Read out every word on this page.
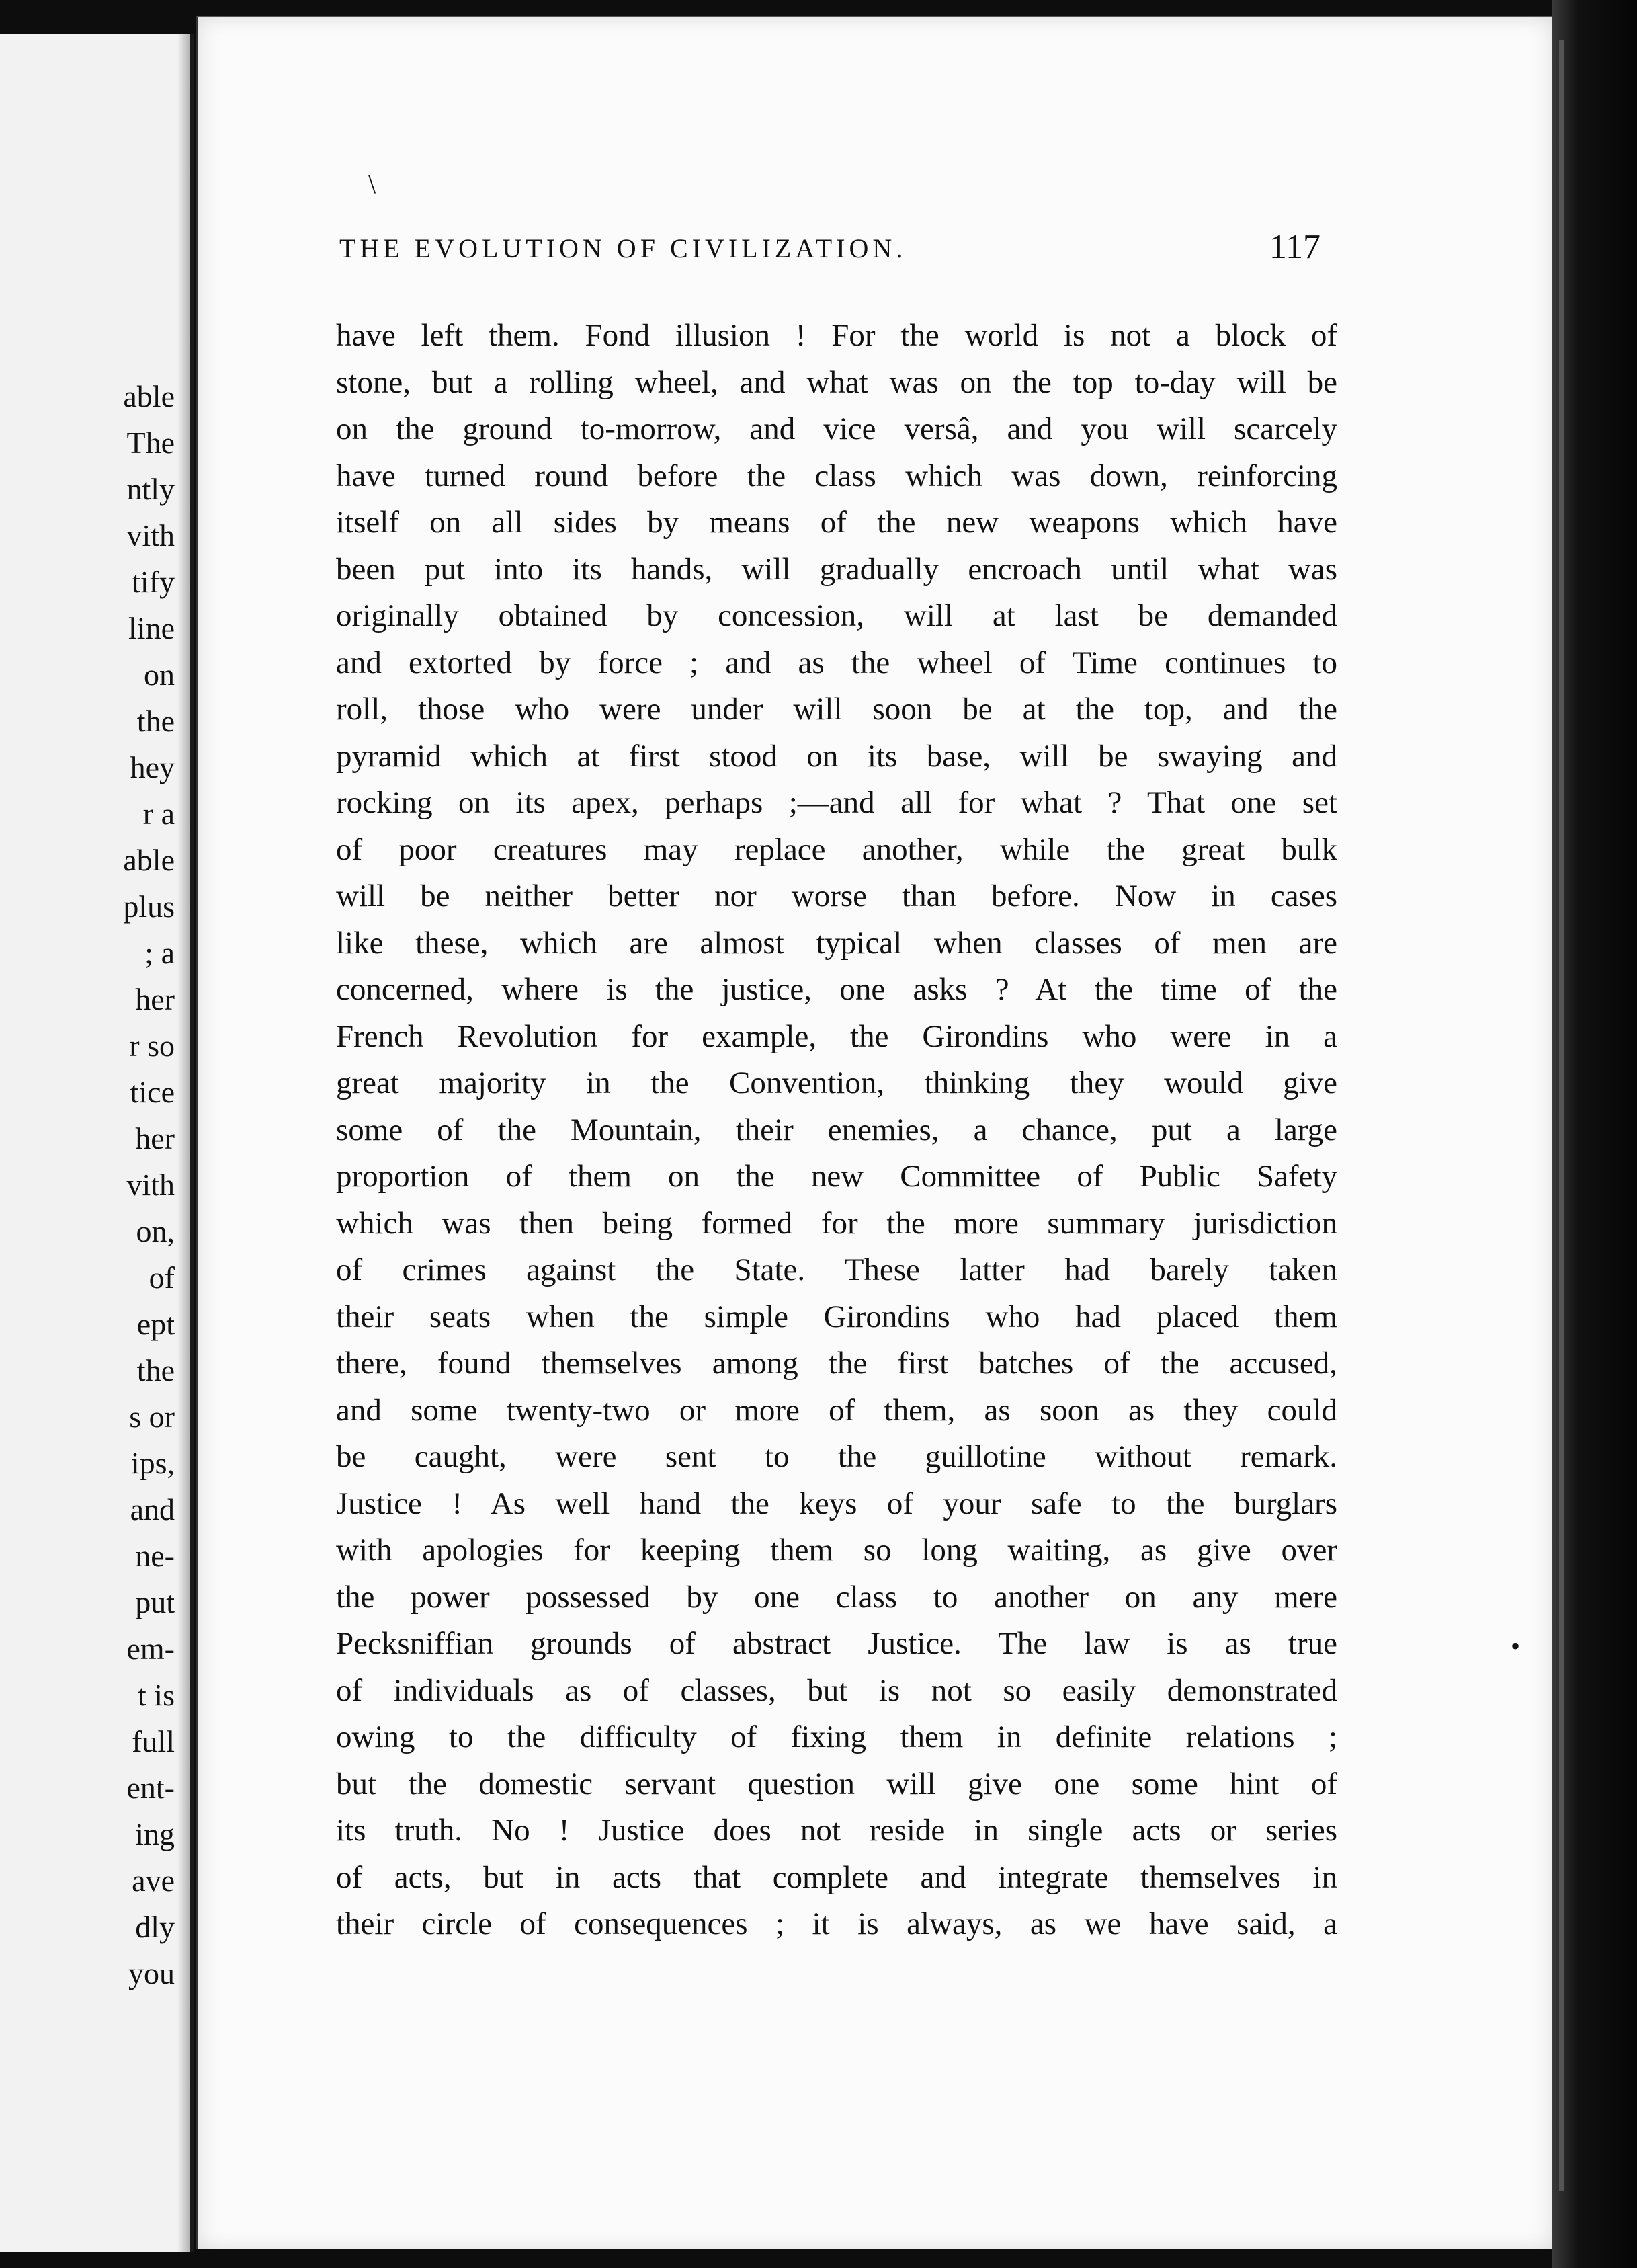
able
The
ntly
vith
tify
line
on
the
hey
r a
able
plus
; a
her
r so
tice
her
vith
on,
of
ept
the
s or
ips,
and
ne-
put
em-
t is
full
ent-
ing
ave
dly
you
\
THE EVOLUTION OF CIVILIZATION.	117
have left them. Fond illusion ! For the world is not a block of
stone, but a rolling wheel, and what was on the top to-day will be
on the ground to-morrow, and vice versâ, and you will scarcely
have turned round before the class which was down, reinforcing
itself on all sides by means of the new weapons which have
been put into its hands, will gradually encroach until what was
originally obtained by concession, will at last be demanded
and extorted by force ; and as the wheel of Time continues to
roll, those who were under will soon be at the top, and the
pyramid which at first stood on its base, will be swaying and
rocking on its apex, perhaps ;—and all for what ? That one set
of poor creatures may replace another, while the great bulk
will be neither better nor worse than before. Now in cases
like these, which are almost typical when classes of men are
concerned, where is the justice, one asks ? At the time of the
French Revolution for example, the Girondins who were in a
great majority in the Convention, thinking they would give
some of the Mountain, their enemies, a chance, put a large
proportion of them on the new Committee of Public Safety
which was then being formed for the more summary jurisdiction
of crimes against the State. These latter had barely taken
their seats when the simple Girondins who had placed them
there, found themselves among the first batches of the accused,
and some twenty-two or more of them, as soon as they could
be caught, were sent to the guillotine without remark.
Justice ! As well hand the keys of your safe to the burglars
with apologies for keeping them so long waiting, as give over
the power possessed by one class to another on any mere
Pecksniffian grounds of abstract Justice. The law is as true
of individuals as of classes, but is not so easily demonstrated
owing to the difficulty of fixing them in definite relations ;
but the domestic servant question will give one some hint of
its truth. No ! Justice does not reside in single acts or series
of acts, but in acts that complete and integrate themselves in
their circle of consequences ; it is always, as we have said, a
•
